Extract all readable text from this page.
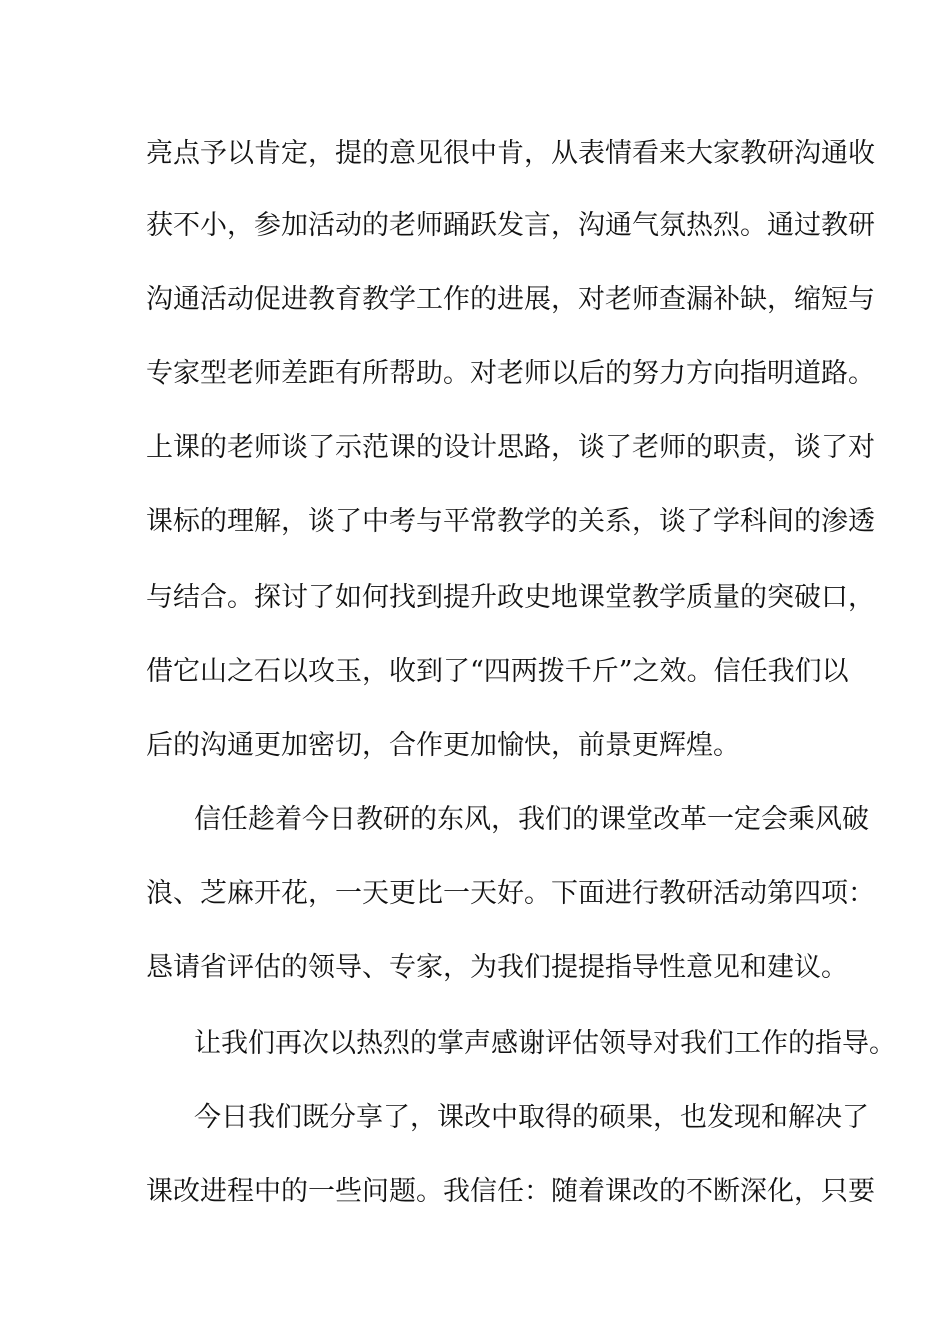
亮点予以肯定，提的意见很中肯，从表情看来大家教研沟通收
获不小，参加活动的老师踊跃发言，沟通气氛热烈。通过教研
沟通活动促进教育教学工作的进展，对老师查漏补缺，缩短与
专家型老师差距有所帮助。对老师以后的努力方向指明道路。
上课的老师谈了示范课的设计思路，谈了老师的职责，谈了对
课标的理解，谈了中考与平常教学的关系，谈了学科间的渗透
与结合。探讨了如何找到提升政史地课堂教学质量的突破口，
借它山之石以攻玉，收到了“四两拨千斤”之效。信任我们以
后的沟通更加密切，合作更加愉快，前景更辉煌。
信任趁着今日教研的东风，我们的课堂改革一定会乘风破
浪、芝麻开花，一天更比一天好。下面进行教研活动第四项：
恳请省评估的领导、专家，为我们提提指导性意见和建议。
让我们再次以热烈的掌声感谢评估领导对我们工作的指导。
今日我们既分享了，课改中取得的硕果，也发现和解决了
课改进程中的一些问题。我信任：随着课改的不断深化，只要
